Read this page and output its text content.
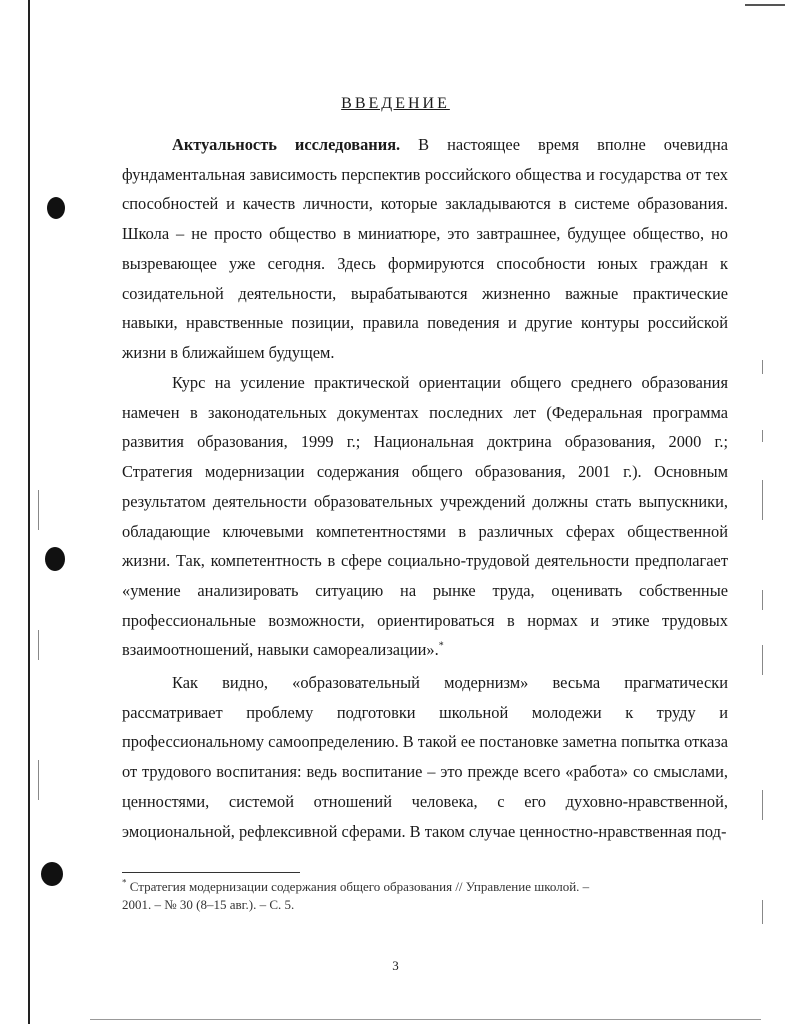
ВВЕДЕНИЕ

Актуальность исследования. В настоящее время вполне очевидна фундаментальная зависимость перспектив российского общества и государства от тех способностей и качеств личности, которые закладываются в системе образования. Школа – не просто общество в миниатюре, это завтрашнее, будущее общество, но вызревающее уже сегодня. Здесь формируются способности юных граждан к созидательной деятельности, вырабатываются жизненно важные практические навыки, нравственные позиции, правила поведения и другие контуры российской жизни в ближайшем будущем.

Курс на усиление практической ориентации общего среднего образования намечен в законодательных документах последних лет (Федеральная программа развития образования, 1999 г.; Национальная доктрина образования, 2000 г.; Стратегия модернизации содержания общего образования, 2001 г.). Основным результатом деятельности образовательных учреждений должны стать выпускники, обладающие ключевыми компетентностями в различных сферах общественной жизни. Так, компетентность в сфере социально-трудовой деятельности предполагает «умение анализировать ситуацию на рынке труда, оценивать собственные профессиональные возможности, ориентироваться в нормах и этике трудовых взаимоотношений, навыки самореализации».*

Как видно, «образовательный модернизм» весьма прагматически рассматривает проблему подготовки школьной молодежи к труду и профессиональному самоопределению. В такой ее постановке заметна попытка отказа от трудового воспитания: ведь воспитание – это прежде всего «работа» со смыслами, ценностями, системой отношений человека, с его духовно-нравственной, эмоциональной, рефлексивной сферами. В таком случае ценностно-нравственная под-

* Стратегия модернизации содержания общего образования // Управление школой. –
2001. – № 30 (8–15 авг.). – С. 5.
3
